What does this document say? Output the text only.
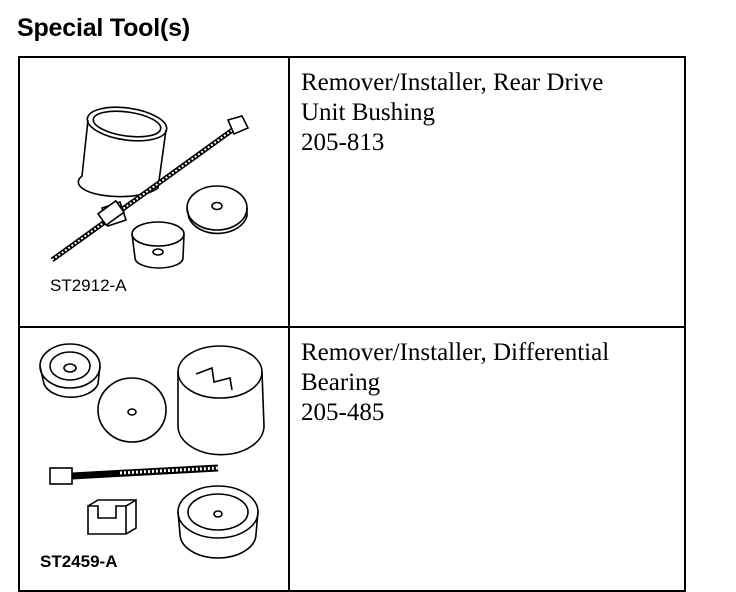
Special Tool(s)
ST2912-A	Remover/Installer, Rear Drive
Unit Bushing
205-813

ST2459-A	Remover/Installer, Differential
Bearing
205-485
